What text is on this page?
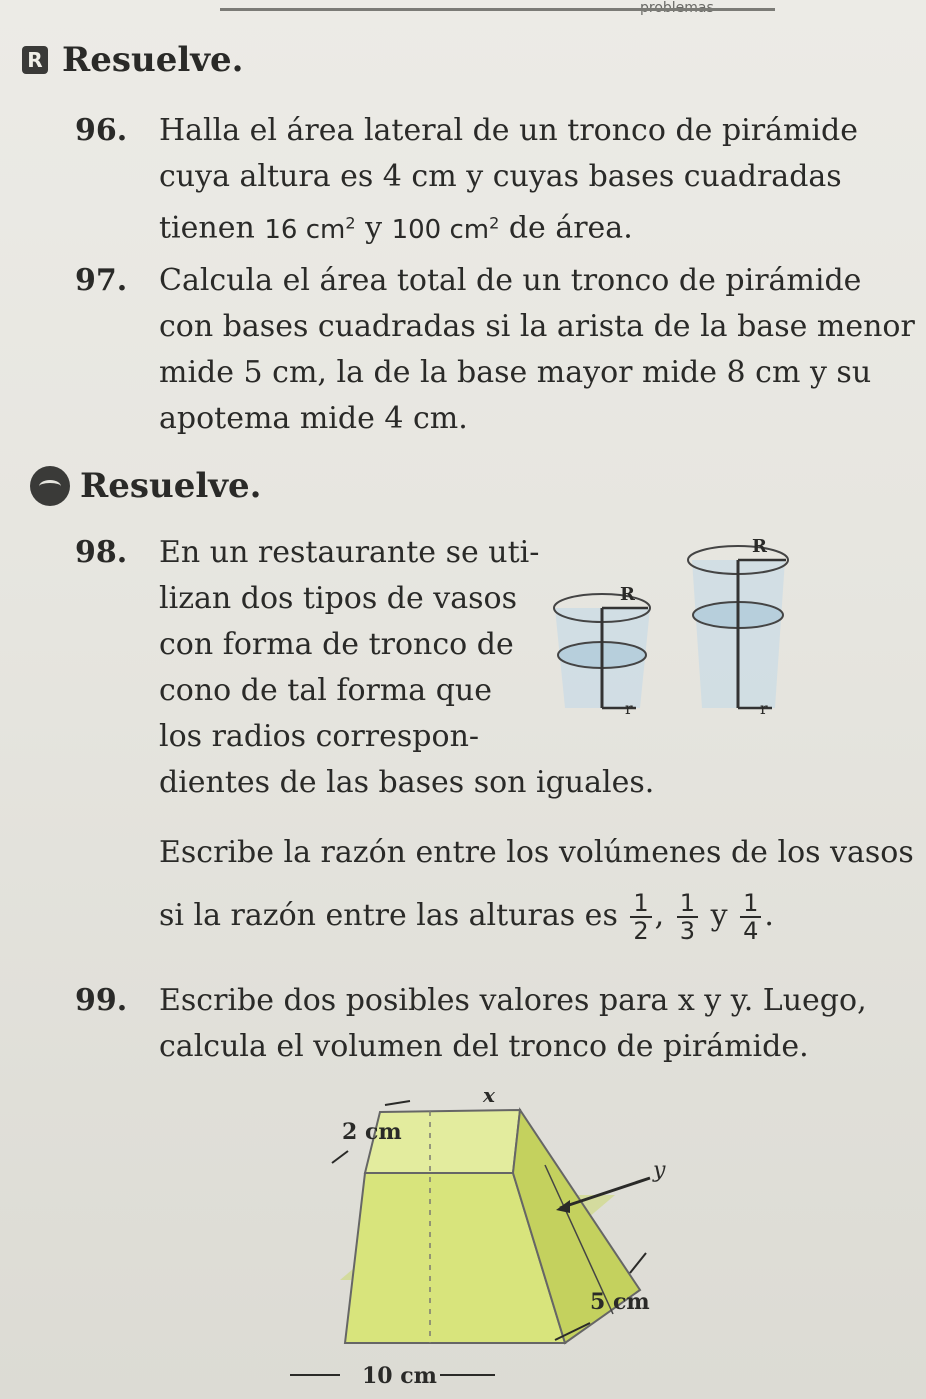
R Resuelve.
96. Halla el área lateral de un tronco de pirámide
cuya altura es 4 cm y cuyas bases cuadradas
tienen 16 $cm^2$ y 100 $cm^2$ de área.
97. Calcula el área total de un tronco de pirámide
con bases cuadradas si la arista de la base menor
mide 5 cm, la de la base mayor mide 8 cm y su
apotema mide 4 cm.
Resuelve.
98. En un restaurante se uti-
lizan dos tipos de vasos
con forma de tronco de
cono de tal forma que
los radios correspon-
dientes de las bases son iguales.
Escribe la razón entre los volúmenes de los vasos
si la razón entre las alturas es $\frac{1}{2}$ , $\frac{1}{3}$ y $\frac{1}{4}$ .
R
r
R
r
99. Escribe dos posibles valores para x y y. Luego,
calcula el volumen del tronco de pirámide.
x
y
2 cm
5 cm
10 cm
